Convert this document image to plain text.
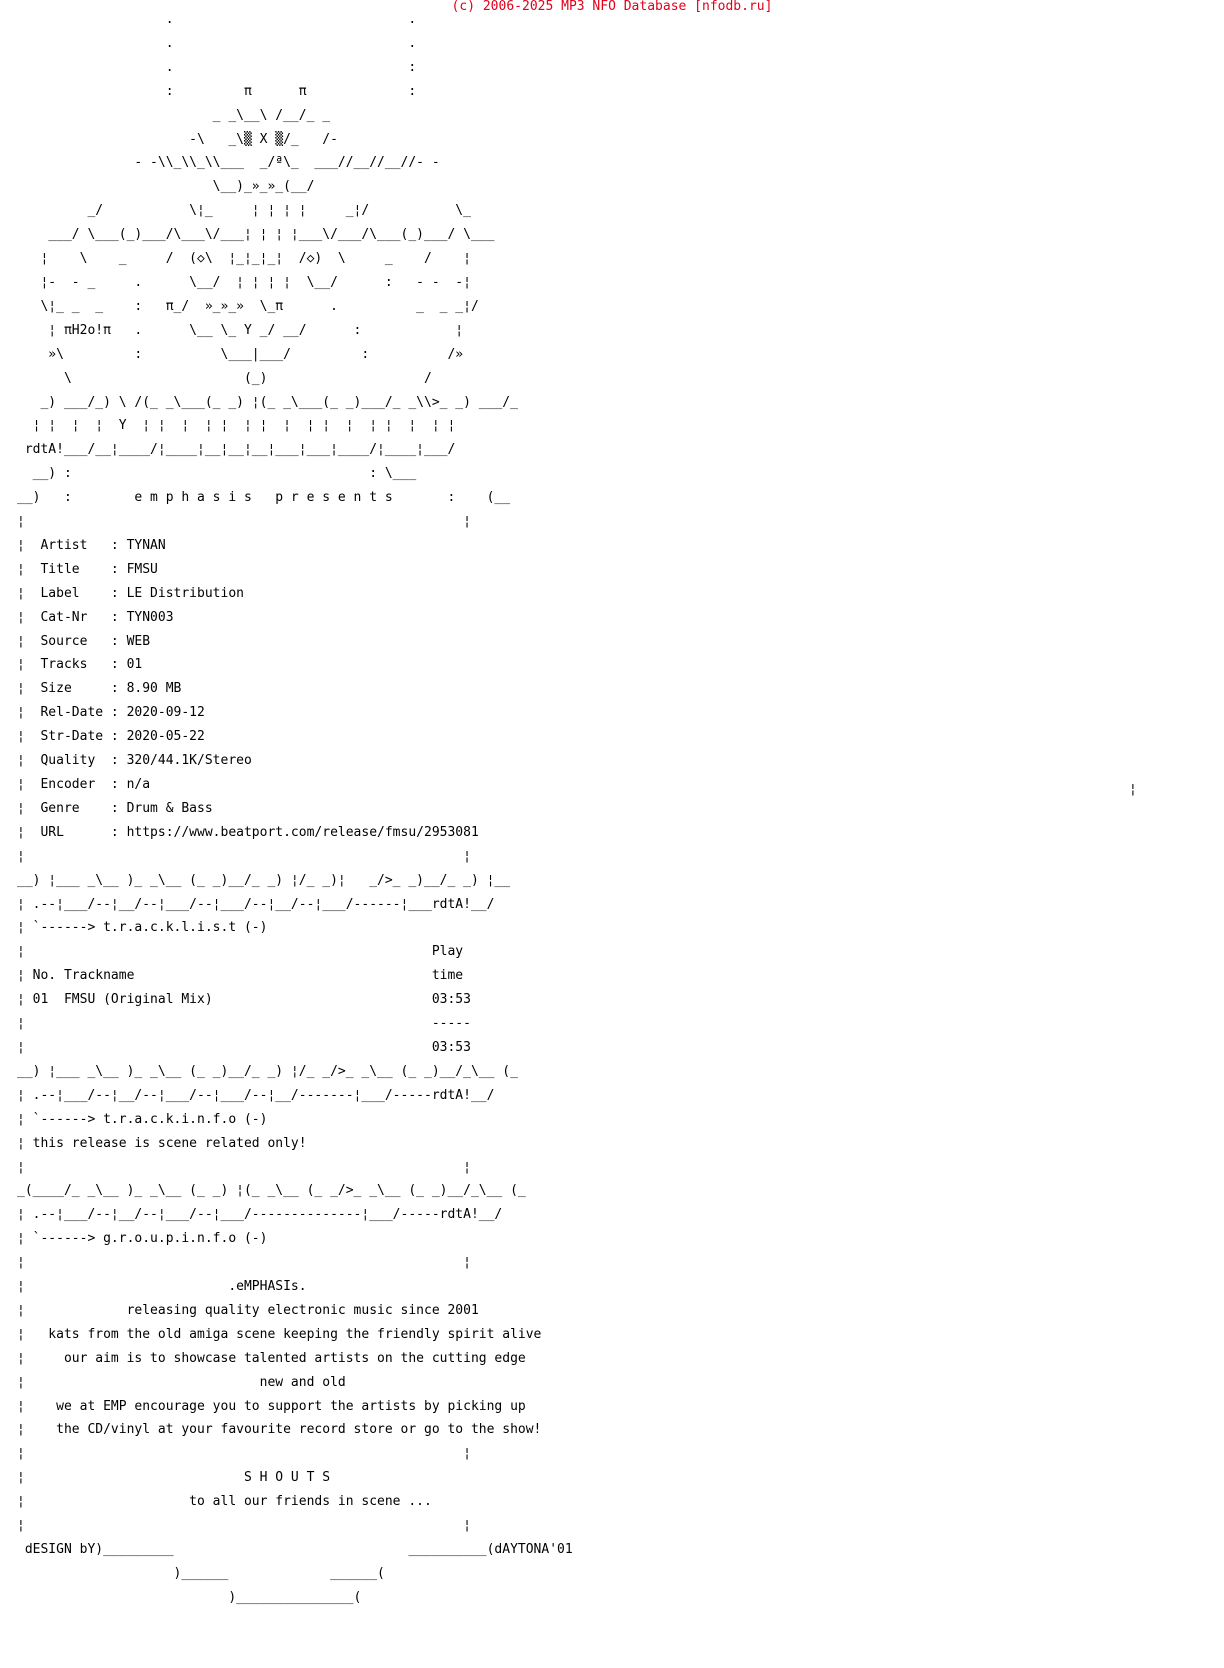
(c) 2006-2025 MP3 NFO Database [nfodb.ru]
.                              .
.                              .
.                              :
:         π      π             :
_ _\__\ /__/_ _
-\   _\▒ X ▒/_   /-
- -\\_\\_\\___  _/ª\_  ___//__//__//- -
\__)_»_»_(__/
_/           \¦_     ¦ ¦ ¦ ¦     _¦/           \_
___/ \___(_)___/\___\/___¦ ¦ ¦ ¦___\/___/\___(_)___/ \___
¦    \    _     /  (◇\  ¦_¦_¦_¦  /◇)  \     _    /    ¦
¦-  - _     .      \__/  ¦ ¦ ¦ ¦  \__/      :   - -  -¦
\¦_ _  _    :   π_/  »_»_»  \_π      .          _  _ _¦/
¦ πH2o!π   .      \__ \_ Y _/ __/      :            ¦
»\         :          \___|___/         :          /»
\                      (_)                    /
_) ___/_) \ /(_ _\___(_ _) ¦(_ _\___(_ _)___/_ _\\>_ _) ___/_
¦ ¦  ¦  ¦  Y  ¦ ¦  ¦  ¦ ¦  ¦ ¦  ¦  ¦ ¦  ¦  ¦ ¦  ¦  ¦ ¦
rdtA!___/__¦____/¦____¦__¦__¦__¦___¦___¦____/¦____¦___/
__) :                                      : \___
__)   :        e m p h a s i s   p r e s e n t s       :    (__
¦                                                        ¦
¦  Artist   : TYNAN
¦  Title    : FMSU
¦  Label    : LE Distribution
¦  Cat-Nr   : TYN003
¦  Source   : WEB
¦  Tracks   : 01
¦  Size     : 8.90 MB
¦  Rel-Date : 2020-09-12
¦  Str-Date : 2020-05-22
¦  Quality  : 320/44.1K/Stereo
¦  Encoder  : n/a
¦  Genre    : Drum & Bass
¦  URL      : https://www.beatport.com/release/fmsu/2953081
¦                                                        ¦
__) ¦___ _\__ )_ _\__ (_ _)__/_ _) ¦/_ _)¦   _/>_ _)__/_ _) ¦__
¦ .--¦___/--¦__/--¦___/--¦___/--¦__/--¦___/------¦___rdtA!__/
¦ `------> t.r.a.c.k.l.i.s.t (-)
¦                                                    Play
¦ No. Trackname                                      time
¦ 01  FMSU (Original Mix)                            03:53
¦                                                    -----
¦                                                    03:53
__) ¦___ _\__ )_ _\__ (_ _)__/_ _) ¦/_ _/>_ _\__ (_ _)__/_\__ (_
¦ .--¦___/--¦__/--¦___/--¦___/--¦__/-------¦___/-----rdtA!__/
¦ `------> t.r.a.c.k.i.n.f.o (-)
¦ this release is scene related only!
¦                                                        ¦
_(____/_ _\__ )_ _\__ (_ _) ¦(_ _\__ (_ _/>_ _\__ (_ _)__/_\__ (_
¦ .--¦___/--¦__/--¦___/--¦___/--------------¦___/-----rdtA!__/
¦ `------> g.r.o.u.p.i.n.f.o (-)
¦                                                        ¦
¦                          .eMPHASIs.
¦             releasing quality electronic music since 2001
¦   kats from the old amiga scene keeping the friendly spirit alive
¦     our aim is to showcase talented artists on the cutting edge
¦                              new and old
¦    we at EMP encourage you to support the artists by picking up
¦    the CD/vinyl at your favourite record store or go to the show!
¦                                                        ¦
¦                            S H O U T S
¦                     to all our friends in scene ...
¦                                                        ¦
dESIGN bY)_________                              __________(dAYTONA'01
)______             ______(
)_______________(
¦
